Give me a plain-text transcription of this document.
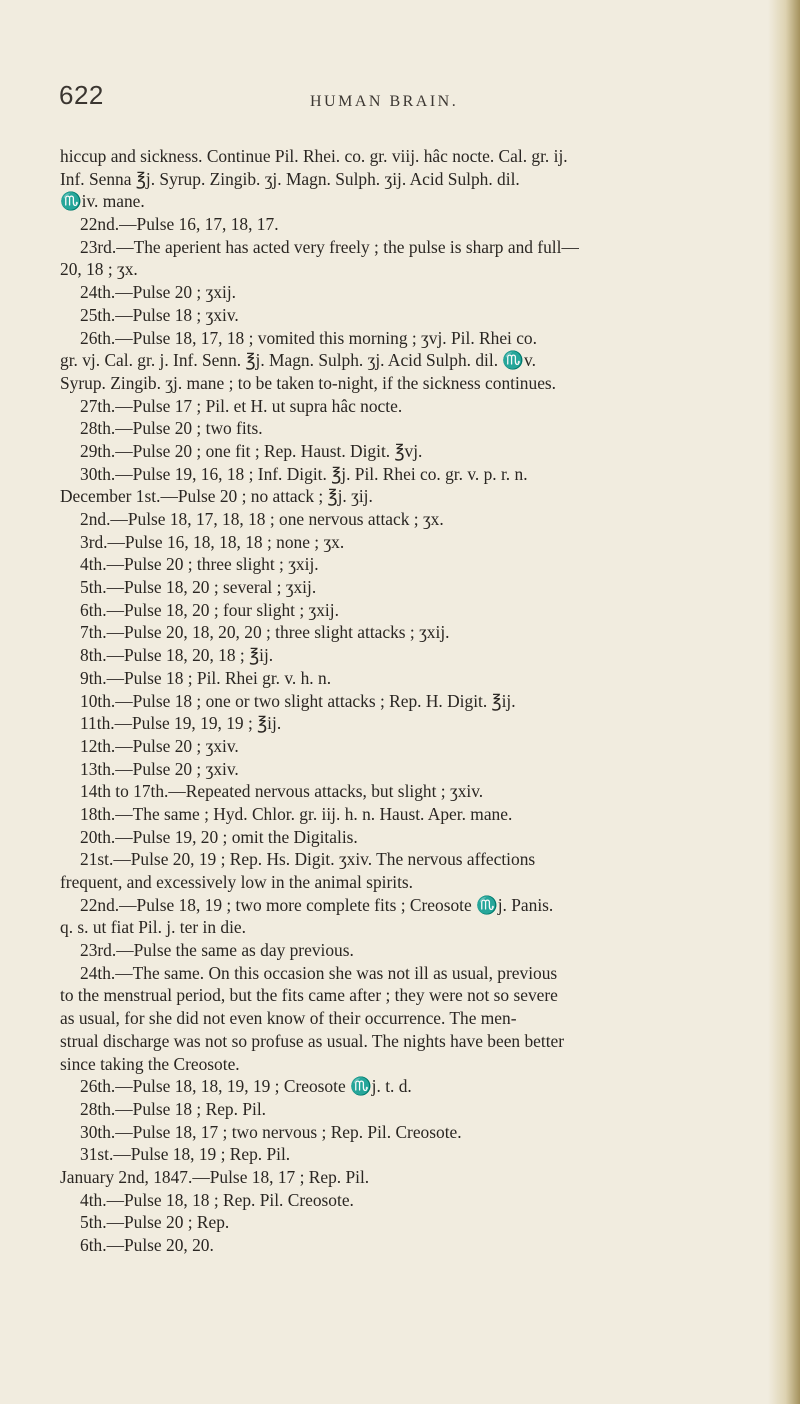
622	HUMAN BRAIN.
hiccup and sickness. Continue Pil. Rhei. co. gr. viij. hâc nocte. Cal. gr. ij.
Inf. Senna ℥j. Syrup. Zingib. ʒj. Magn. Sulph. ʒij. Acid Sulph. dil.
♏iv. mane.
22nd.—Pulse 16, 17, 18, 17.
23rd.—The aperient has acted very freely ; the pulse is sharp and full—
20, 18 ; ʒx.
24th.—Pulse 20 ; ʒxij.
25th.—Pulse 18 ; ʒxiv.
26th.—Pulse 18, 17, 18 ; vomited this morning ; ʒvj. Pil. Rhei co.
gr. vj. Cal. gr. j. Inf. Senn. ℥j. Magn. Sulph. ʒj. Acid Sulph. dil. ♏v.
Syrup. Zingib. ʒj. mane ; to be taken to-night, if the sickness continues.
27th.—Pulse 17 ; Pil. et H. ut supra hâc nocte.
28th.—Pulse 20 ; two fits.
29th.—Pulse 20 ; one fit ; Rep. Haust. Digit. ℥vj.
30th.—Pulse 19, 16, 18 ; Inf. Digit. ℥j. Pil. Rhei co. gr. v. p. r. n.
December 1st.—Pulse 20 ; no attack ; ℥j. ʒij.
2nd.—Pulse 18, 17, 18, 18 ; one nervous attack ; ʒx.
3rd.—Pulse 16, 18, 18, 18 ; none ; ʒx.
4th.—Pulse 20 ; three slight ; ʒxij.
5th.—Pulse 18, 20 ; several ; ʒxij.
6th.—Pulse 18, 20 ; four slight ; ʒxij.
7th.—Pulse 20, 18, 20, 20 ; three slight attacks ; ʒxij.
8th.—Pulse 18, 20, 18 ; ℥ij.
9th.—Pulse 18 ; Pil. Rhei gr. v. h. n.
10th.—Pulse 18 ; one or two slight attacks ; Rep. H. Digit. ℥ij.
11th.—Pulse 19, 19, 19 ; ℥ij.
12th.—Pulse 20 ; ʒxiv.
13th.—Pulse 20 ; ʒxiv.
14th to 17th.—Repeated nervous attacks, but slight ; ʒxiv.
18th.—The same ; Hyd. Chlor. gr. iij. h. n. Haust. Aper. mane.
20th.—Pulse 19, 20 ; omit the Digitalis.
21st.—Pulse 20, 19 ; Rep. Hs. Digit. ʒxiv. The nervous affections
frequent, and excessively low in the animal spirits.
22nd.—Pulse 18, 19 ; two more complete fits ; Creosote ♏j. Panis.
q. s. ut fiat Pil. j. ter in die.
23rd.—Pulse the same as day previous.
24th.—The same. On this occasion she was not ill as usual, previous
to the menstrual period, but the fits came after ; they were not so severe
as usual, for she did not even know of their occurrence. The men-
strual discharge was not so profuse as usual. The nights have been better
since taking the Creosote.
26th.—Pulse 18, 18, 19, 19 ; Creosote ♏j. t. d.
28th.—Pulse 18 ; Rep. Pil.
30th.—Pulse 18, 17 ; two nervous ; Rep. Pil. Creosote.
31st.—Pulse 18, 19 ; Rep. Pil.
January 2nd, 1847.—Pulse 18, 17 ; Rep. Pil.
4th.—Pulse 18, 18 ; Rep. Pil. Creosote.
5th.—Pulse 20 ; Rep.
6th.—Pulse 20, 20.
